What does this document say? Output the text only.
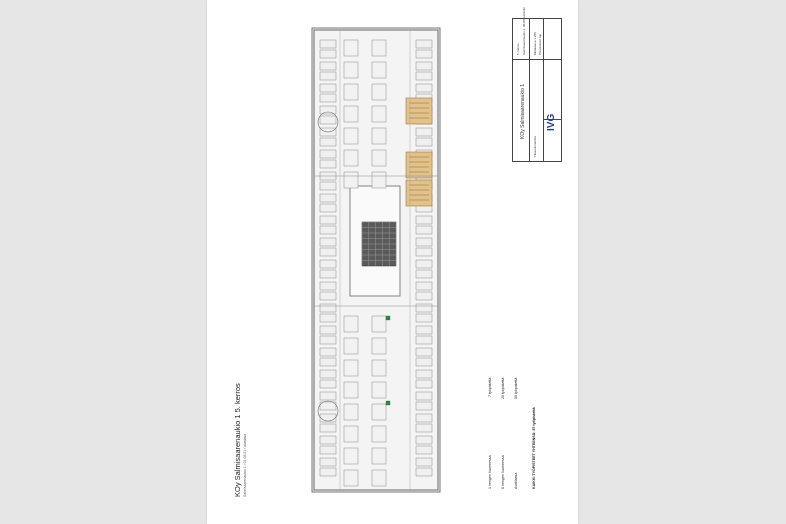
KOy Salmisaarenaukio 1 5. kerros Salmisaarenaukio 1 / 01.08.21 / alustava	1 hengen huoneessa
7 työpistettä
6 hengen huoneessa
20 työpistettä
Avotilassa
50 työpistettä
KAIKKI TYÖPISTEET YHTEENSÄ: 87 työpistettä
KOy Salmisaarenaukio 1
5. kerros Salmisaarenaukio 1, 00180 Helsinki Mittakaava 1:250 Piirustuksen laji
Tilasuunnitelma
IVG
